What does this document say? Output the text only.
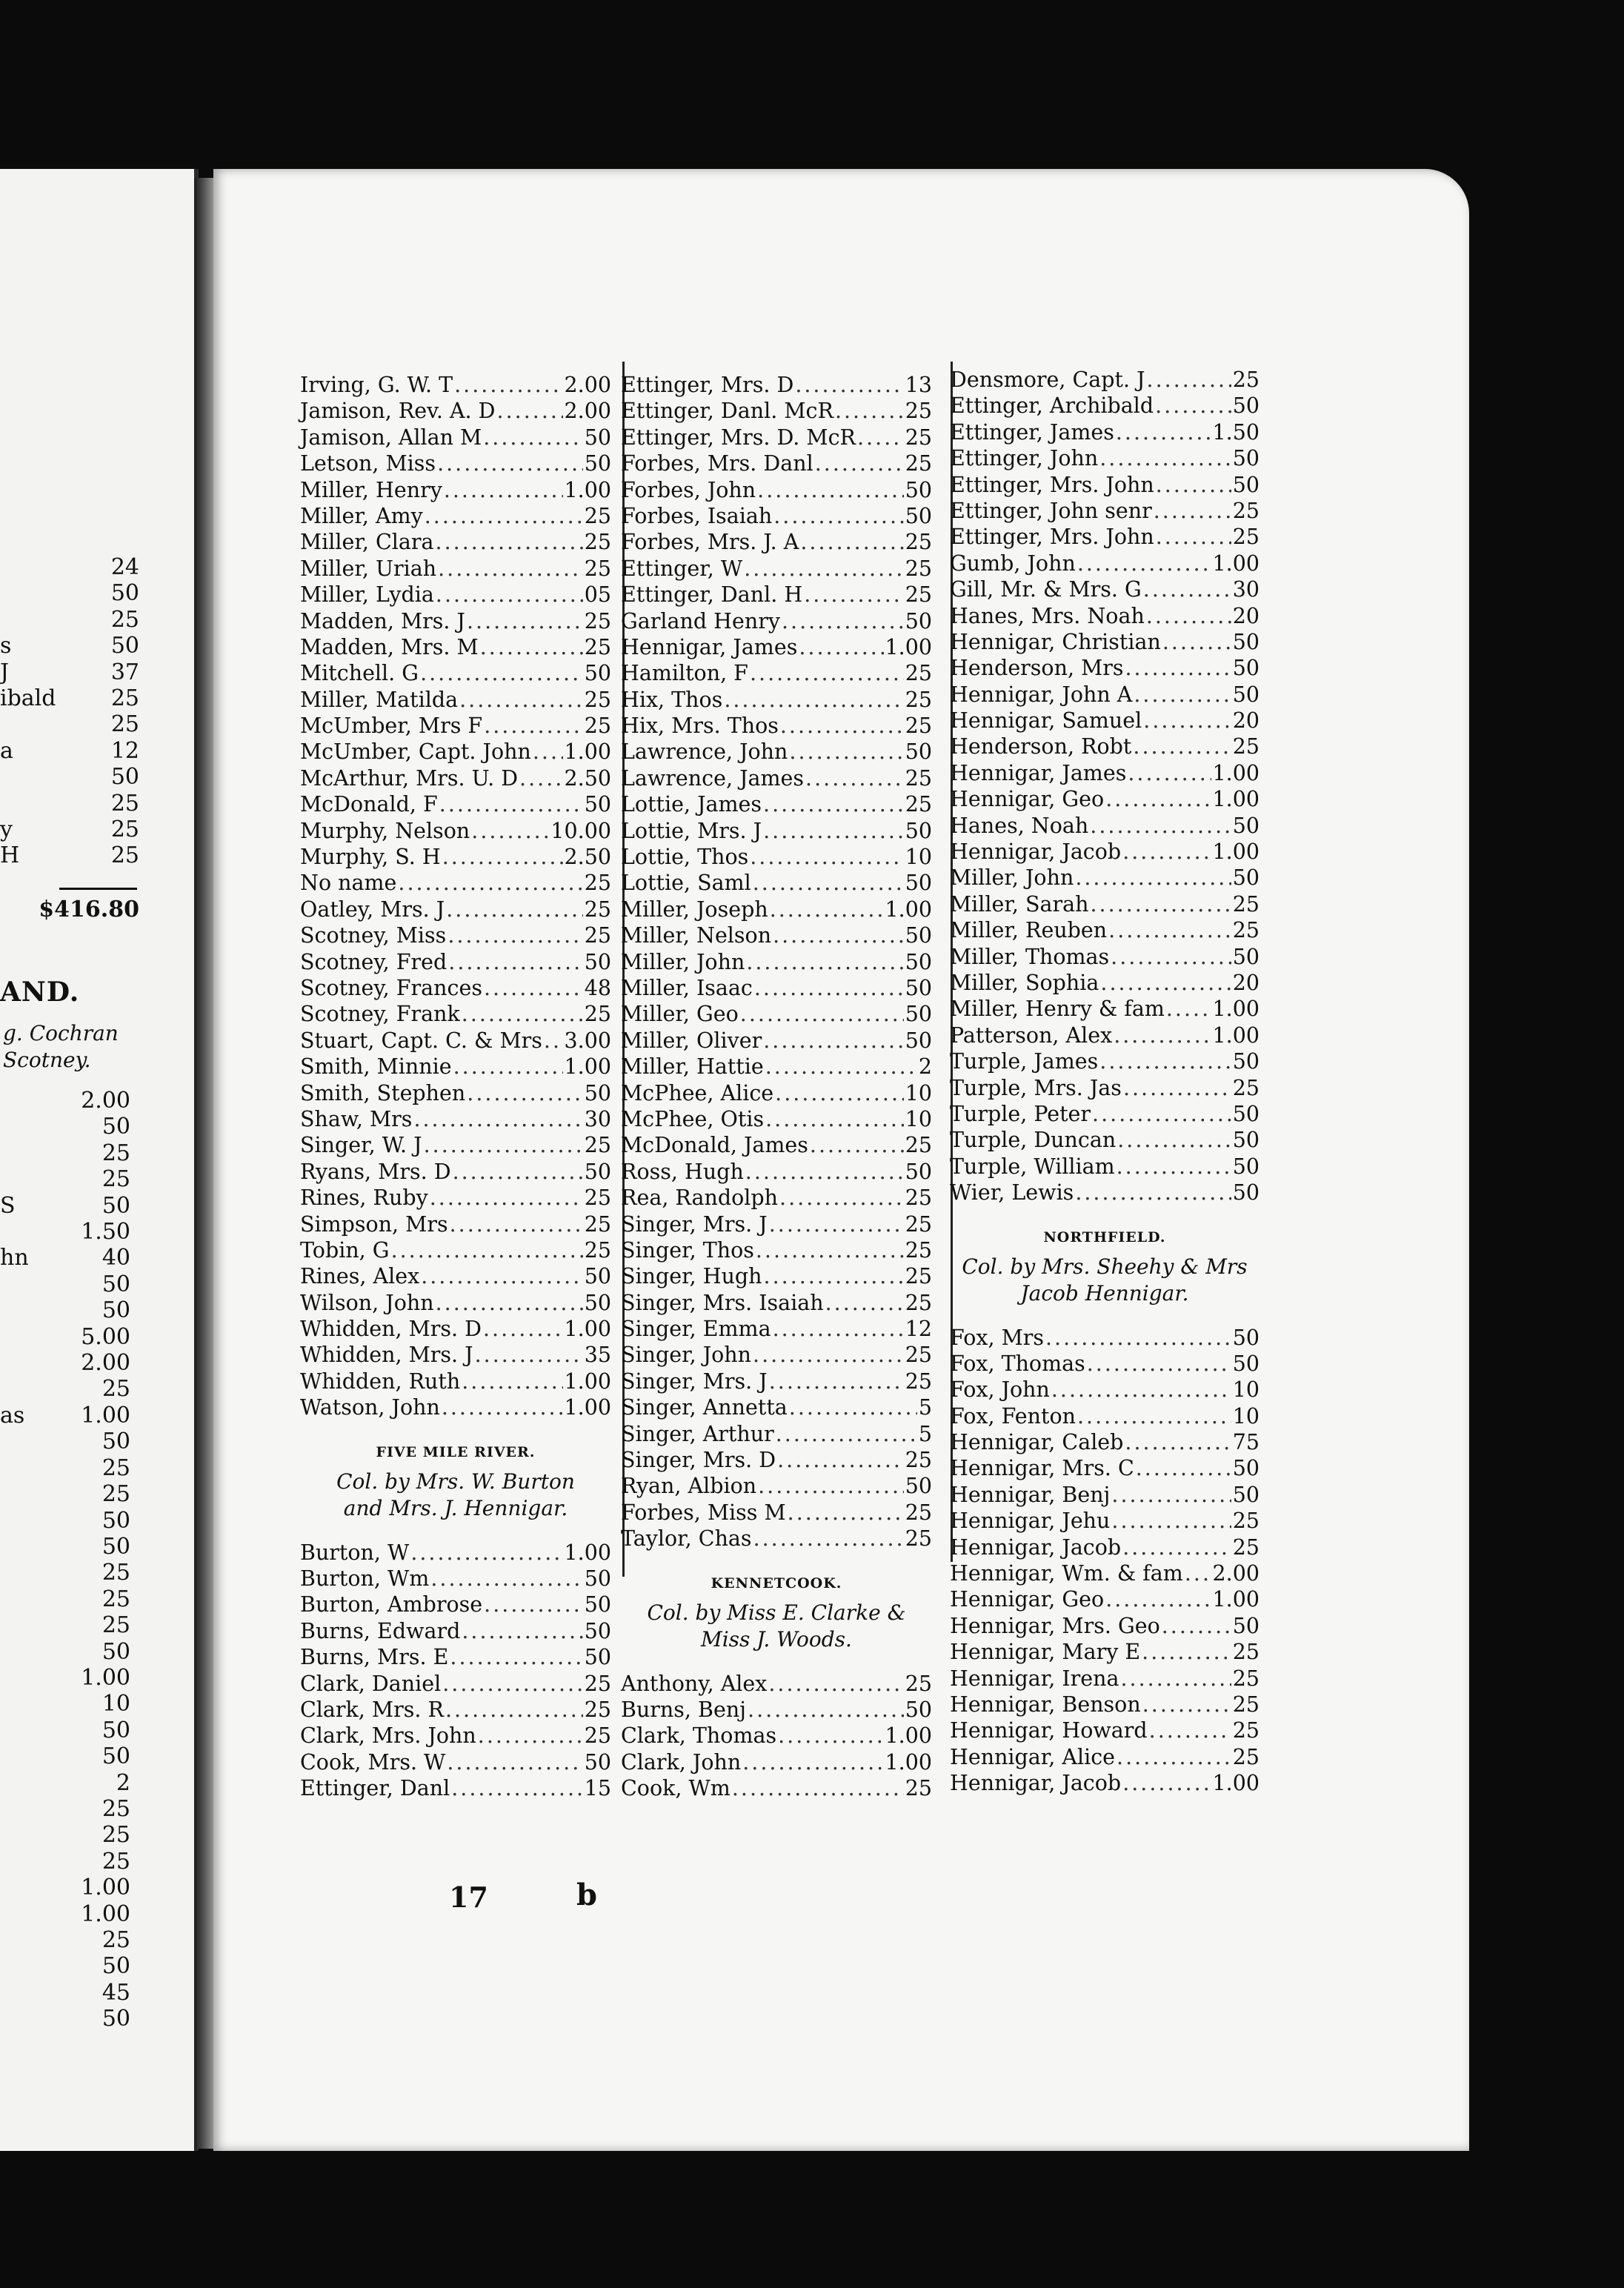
24
50
25
s	50
J	37
ibald 25
25
a	12
50
25
y	25
H	25
$416.80
AND.
g. Cochran
Scotney.
2.00
50
25
25
S	50
1.50
hn	40
50
50
5.00
2.00
25
as	1.00
50
25
25
50
50
25
25
25
50
1.00
10
50
50
2
25
25
25
1.00
1.00
25
50
45
50
Irving, G. W. T .....	2.00
Jamison, Rev. A. D .....	2.00
Jamison, Allan M .....	50
Letson, Miss .....	50
Miller, Henry .....	1.00
Miller, Amy .....	25
Miller, Clara .....	25
Miller, Uriah .....	25
Miller, Lydia .....	05
Madden, Mrs. J .....	25
Madden, Mrs. M .....	25
Mitchell. G .....	50
Miller, Matilda .....	25
McUmber, Mrs F .....	25
McUmber, Capt. John ..... 1.00
McArthur, Mrs. U. D ..... 2.50
McDonald, F .....	50
Murphy, Nelson .....	10.00
Murphy, S. H .....	2.50
No name .....	25
Oatley, Mrs. J .....	25
Scotney, Miss .....	25
Scotney, Fred .....	50
Scotney, Frances .....	48
Scotney, Frank .....	25
Stuart, Capt. C. & Mrs ..... 3.00
Smith, Minnie .....	1.00
Smith, Stephen .....	50
Shaw, Mrs .....	30
Singer, W. J .....	25
Ryans, Mrs. D .....	50
Rines, Ruby .....	25
Simpson, Mrs .....	25
Tobin, G .....	25
Rines, Alex .....	50
Wilson, John .....	50
Whidden, Mrs. D .....	1.00
Whidden, Mrs. J .....	35
Whidden, Ruth .....	1.00
Watson, John .....	1.00
FIVE MILE RIVER.
Col. by Mrs. W. Burton
and Mrs. J. Hennigar.
Burton, W .....	1.00
Burton, Wm .....	50
Burton, Ambrose .....	50
Burns, Edward .....	50
Burns, Mrs. E .....	50
Clark, Daniel .....	25
Clark, Mrs. R .....	25
Clark, Mrs. John .....	25
Cook, Mrs. W .....	50
Ettinger, Danl .....	15
Ettinger, Mrs. D .....	13
Ettinger, Danl. McR .....	25
Ettinger, Mrs. D. McR ..... 25
Forbes, Mrs. Danl .....	25
Forbes, John .....	50
Forbes, Isaiah .....	50
Forbes, Mrs. J. A .....	25
Ettinger, W .....	25
Ettinger, Danl. H .....	25
Garland Henry .....	50
Hennigar, James .....	1.00
Hamilton, F .....	25
Hix, Thos .....	25
Hix, Mrs. Thos .....	25
Lawrence, John .....	50
Lawrence, James .....	25
Lottie, James .....	25
Lottie, Mrs. J .....	50
Lottie, Thos .....	10
Lottie, Saml .....	50
Miller, Joseph .....	1.00
Miller, Nelson .....	50
Miller, John .....	50
Miller, Isaac .....	50
Miller, Geo .....	50
Miller, Oliver .....	50
Miller, Hattie .....	2
McPhee, Alice .....	10
McPhee, Otis .....	10
McDonald, James .....	25
Ross, Hugh .....	50
Rea, Randolph .....	25
Singer, Mrs. J .....	25
Singer, Thos .....	25
Singer, Hugh .....	25
Singer, Mrs. Isaiah .....	25
Singer, Emma .....	12
Singer, John .....	25
Singer, Mrs. J .....	25
Singer, Annetta .....	5
Singer, Arthur .....	5
Singer, Mrs. D .....	25
Ryan, Albion .....	50
Forbes, Miss M .....	25
Taylor, Chas .....	25
KENNETCOOK.
Col. by Miss E. Clarke &
Miss J. Woods.
Anthony, Alex .....	25
Burns, Benj .....	50
Clark, Thomas .....	1.00
Clark, John .....	1.00
Cook, Wm .....	25
Densmore, Capt. J .....	25
Ettinger, Archibald .....	50
Ettinger, James .....	1.50
Ettinger, John .....	50
Ettinger, Mrs. John .....	50
Ettinger, John senr .....	25
Ettinger, Mrs. John .....	25
Gumb, John .....	1.00
Gill, Mr. & Mrs. G .....	30
Hanes, Mrs. Noah .....	20
Hennigar, Christian .....	50
Henderson, Mrs .....	50
Hennigar, John A .....	50
Hennigar, Samuel .....	20
Henderson, Robt .....	25
Hennigar, James .....	1.00
Hennigar, Geo .....	1.00
Hanes, Noah .....	50
Hennigar, Jacob .....	1.00
Miller, John .....	50
Miller, Sarah .....	25
Miller, Reuben .....	25
Miller, Thomas .....	50
Miller, Sophia .....	20
Miller, Henry & fam ..... 1.00
Patterson, Alex .....	1.00
Turple, James .....	50
Turple, Mrs. Jas .....	25
Turple, Peter .....	50
Turple, Duncan .....	50
Turple, William .....	50
Wier, Lewis .....	50
NORTHFIELD.
Col. by Mrs. Sheehy & Mrs
Jacob Hennigar.
Fox, Mrs .....	50
Fox, Thomas .....	50
Fox, John .....	10
Fox, Fenton .....	10
Hennigar, Caleb .....	75
Hennigar, Mrs. C .....	50
Hennigar, Benj .....	50
Hennigar, Jehu .....	25
Hennigar, Jacob .....	25
Hennigar, Wm. & fam ..... 2.00
Hennigar, Geo .....	1.00
Hennigar, Mrs. Geo .....	50
Hennigar, Mary E .....	25
Hennigar, Irena .....	25
Hennigar, Benson .....	25
Hennigar, Howard .....	25
Hennigar, Alice .....	25
Hennigar, Jacob .....	1.00
17	b
